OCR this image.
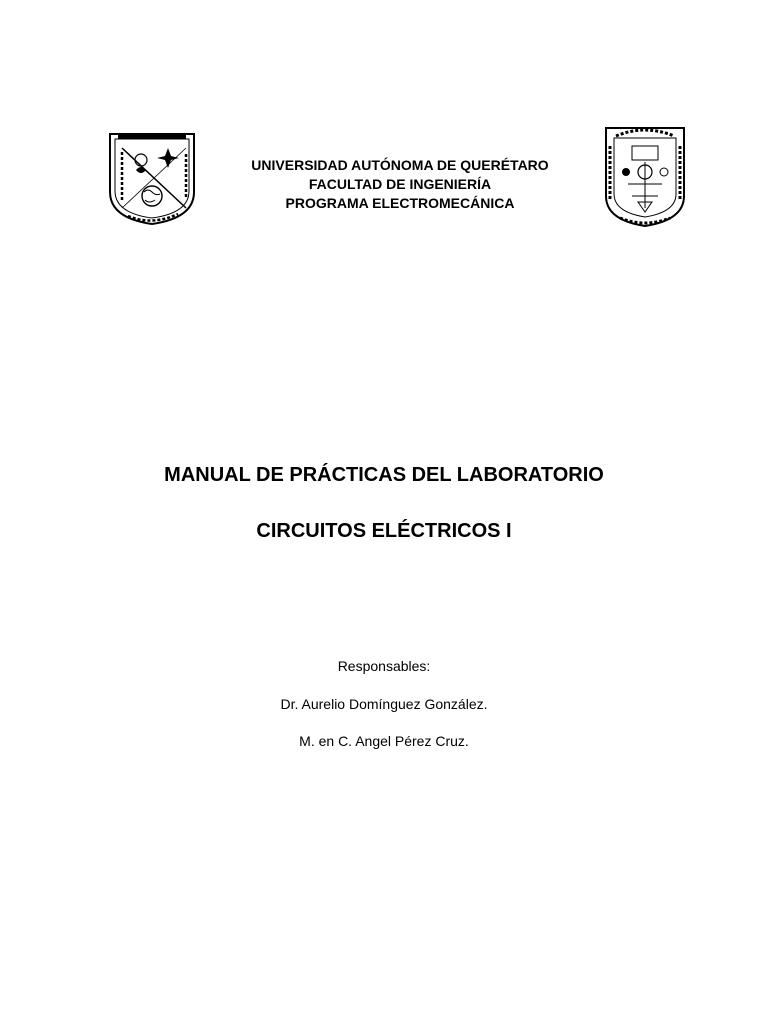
UNIVERSIDAD AUTÓNOMA DE QUERÉTARO
FACULTAD DE INGENIERÍA
PROGRAMA ELECTROMECÁNICA
MANUAL DE PRÁCTICAS DEL LABORATORIO
CIRCUITOS ELÉCTRICOS I
Responsables:
Dr. Aurelio Domínguez González.
M. en C. Angel Pérez Cruz.
